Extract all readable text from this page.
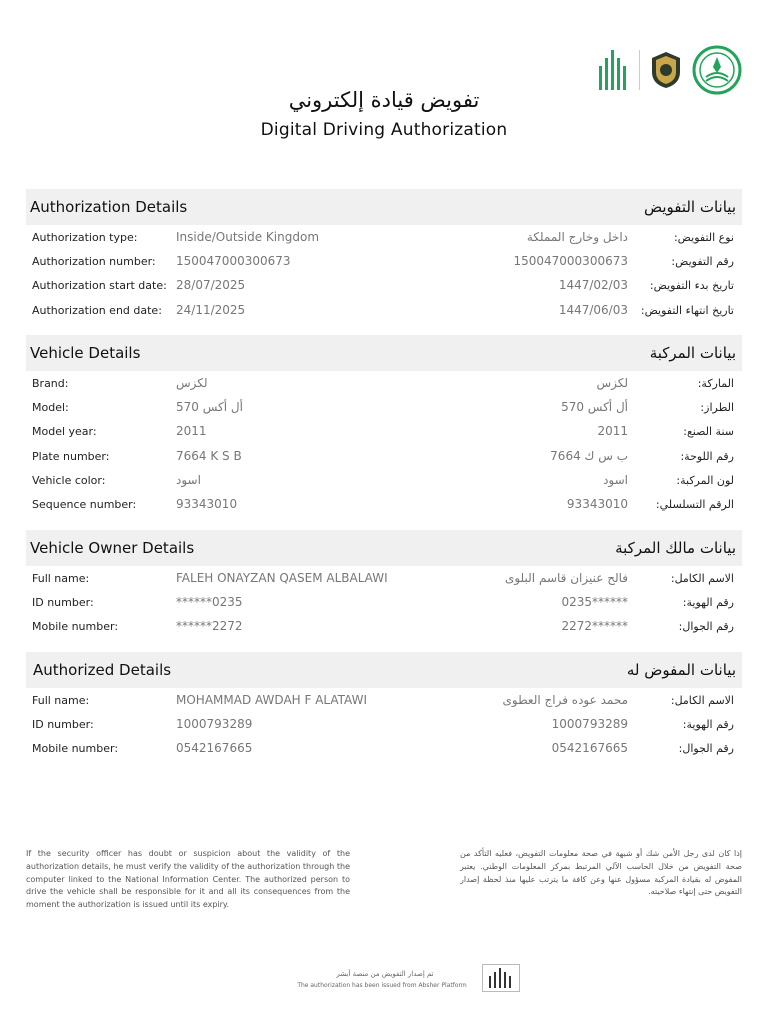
تفويض قيادة إلكتروني
Digital Driving Authorization
Authorization Details	بيانات التفويض
Authorization type:	Inside/Outside Kingdom	داخل وخارج المملكة	نوع التفويض:
Authorization number: 150047000300673	150047000300673	رقم التفويض:
Authorization start date: 28/07/2025	1447/02/03 تاريخ بدء التفويض:
Authorization end date: 24/11/2025	1447/06/03 تاريخ انتهاء التفويض:
Vehicle Details	بيانات المركبة
Brand:	لكزس	لكزس	الماركة:
Model:	أل أكس 570	أل أكس 570	الطراز:
Model year:	2011	2011	سنة الصنع:
Plate number:	7664 K S B	ب س ك 7664	رقم اللوحة:
Vehicle color:	اسود	اسود	لون المركبة:
Sequence number:	93343010	93343010	الرقم التسلسلي:
Vehicle Owner Details	بيانات مالك المركبة
Full name:	FALEH ONAYZAN QASEM ALBALAWI	فالح عنيزان قاسم البلوى	الاسم الكامل:
ID number:	******0235	******0235	رقم الهوية:
Mobile number:	******2272	******2272	رقم الجوال:
Authorized Details	بيانات المفوض له
Full name:	MOHAMMAD AWDAH F ALATAWI	محمد عوده فراج العطوى	الاسم الكامل:
ID number:	1000793289	1000793289	رقم الهوية:
Mobile number:	0542167665	0542167665	رقم الجوال:
If the security officer has doubt or suspicion about the validity of the authorization details, he must verify the validity of the authorization through the computer linked to the National Information Center. The authorized person to drive the vehicle shall be responsible for it and all its consequences from the moment the authorization is issued until its expiry.
إذا كان لدى رجل الأمن شك أو شبهة في صحة معلومات التفويض، فعليه التأكد من صحة التفويض من خلال الحاسب الآلي المرتبط بمركز المعلومات الوطني. يعتبر المفوض له بقيادة المركبة مسؤول عنها وعن كافة ما يترتب عليها منذ لحظة إصدار التفويض حتى إنتهاء صلاحيته.
تم إصدار التفويض من منصة أبشر
The authorization has been issued from Absher Platform
